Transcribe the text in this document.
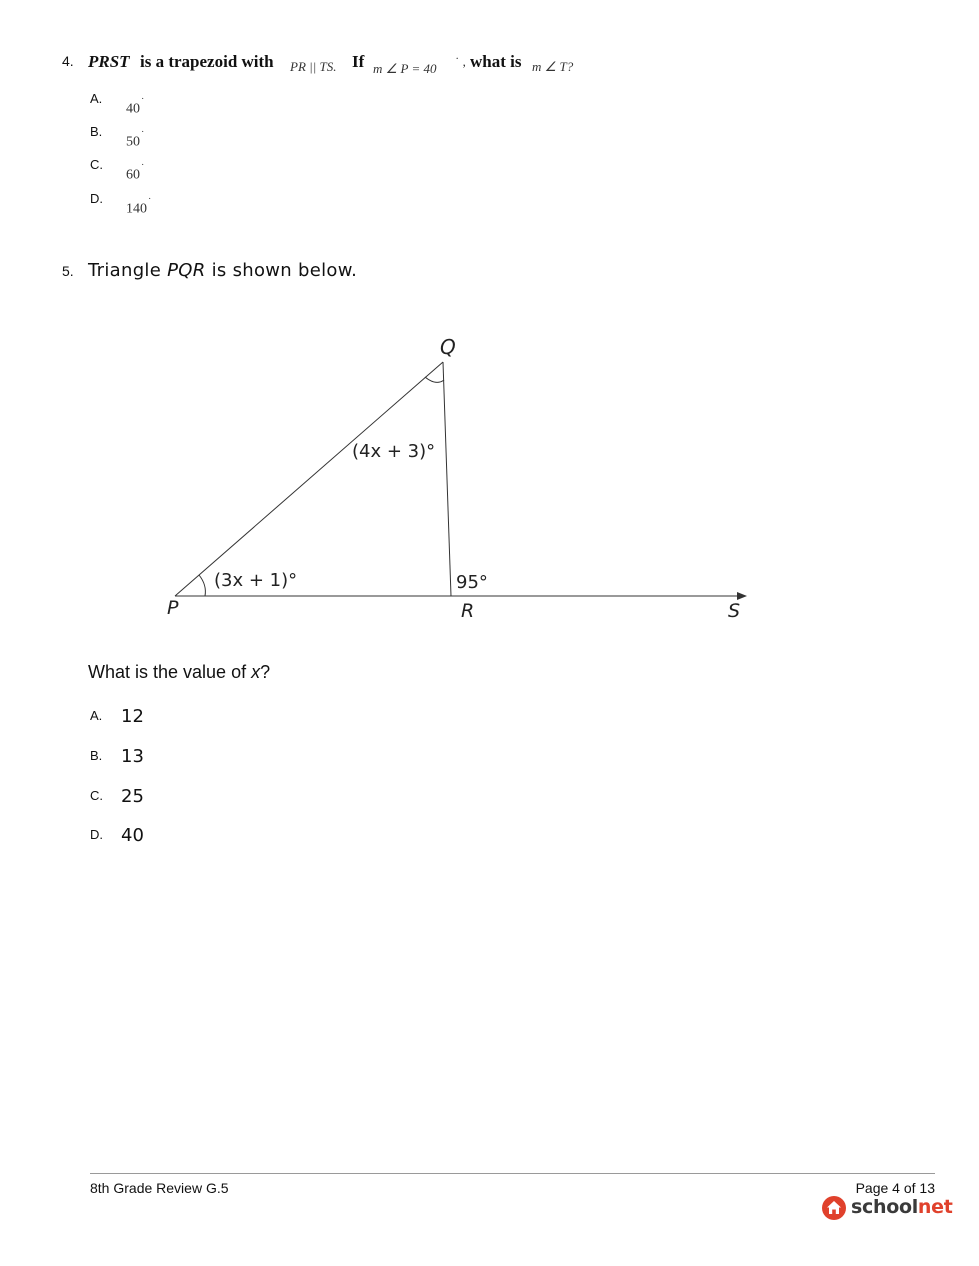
4. PRST is a trapezoid with PR || TS. If m ∠ P = 40 ˙ , what is m ∠ T?
A.
40˙
B.
50˙
C.
60˙
D.
140˙
5. Triangle PQR is shown below.
Q
P	R	S
(4x + 3)°
(3x + 1)°	95°
What is the value of x?
A. 12
B. 13
C. 25
D. 40
8th Grade Review G.5	Page 4 of 13
schoolnet
